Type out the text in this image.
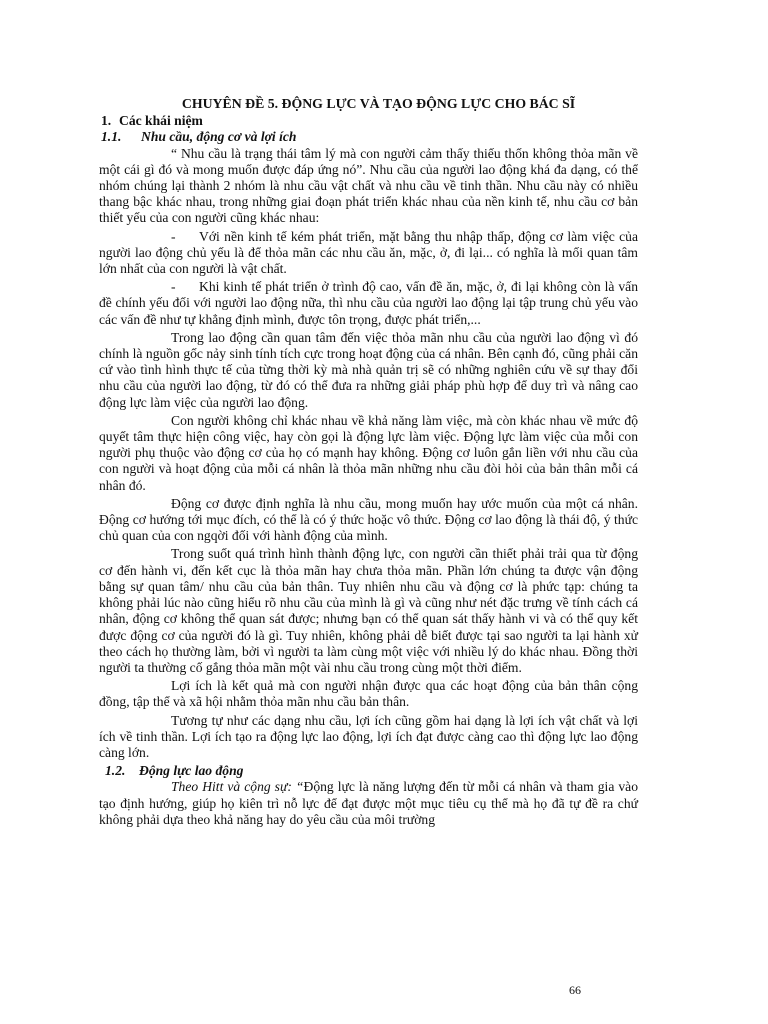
CHUYÊN ĐỀ 5. ĐỘNG LỰC VÀ TẠO ĐỘNG LỰC CHO BÁC SĨ
1. Các khái niệm
1.1. Nhu cầu, động cơ và lợi ích

“ Nhu cầu là trạng thái tâm lý mà con người cảm thấy thiếu thốn không thỏa mãn về một cái gì đó và mong muốn được đáp ứng nó”. Nhu cầu của người lao động khá đa dạng, có thể nhóm chúng lại thành 2 nhóm là nhu cầu vật chất và nhu cầu về tinh thần. Nhu cầu này có nhiều thang bậc khác nhau, trong những giai đoạn phát triển khác nhau của nền kinh tế, nhu cầu cơ bản thiết yếu của con người cũng khác nhau:

- Với nền kinh tế kém phát triển, mặt bằng thu nhập thấp, động cơ làm việc của người lao động chủ yếu là để thỏa mãn các nhu cầu ăn, mặc, ở, đi lại... có nghĩa là mối quan tâm lớn nhất của con người là vật chất.

- Khi kinh tế phát triển ở trình độ cao, vấn đề ăn, mặc, ở, đi lại không còn là vấn đề chính yếu đối với người lao động nữa, thì nhu cầu của người lao động lại tập trung chủ yếu vào các vấn đề như tự khẳng định mình, được tôn trọng, được phát triển,...

Trong lao động cần quan tâm đến việc thỏa mãn nhu cầu của người lao động vì đó chính là nguồn gốc nảy sinh tính tích cực trong hoạt động của cá nhân. Bên cạnh đó, cũng phải căn cứ vào tình hình thực tế của từng thời kỳ mà nhà quản trị sẽ có những nghiên cứu về sự thay đổi nhu cầu của người lao động, từ đó có thể đưa ra những giải pháp phù hợp để duy trì và nâng cao động lực làm việc của người lao động.

Con người không chỉ khác nhau về khả năng làm việc, mà còn khác nhau về mức độ quyết tâm thực hiện công việc, hay còn gọi là động lực làm việc. Động lực làm việc của mỗi con người phụ thuộc vào động cơ của họ có mạnh hay không. Động cơ luôn gắn liền với nhu cầu của con người và hoạt động của mỗi cá nhân là thỏa mãn những nhu cầu đòi hỏi của bản thân mỗi cá nhân đó.

Động cơ được định nghĩa là nhu cầu, mong muốn hay ước muốn của một cá nhân. Động cơ hướng tới mục đích, có thể là có ý thức hoặc vô thức. Động cơ lao động là thái độ, ý thức chủ quan của con ngqời đối với hành động của mình.

Trong suốt quá trình hình thành động lực, con người cần thiết phải trải qua từ động cơ đến hành vi, đến kết cục là thỏa mãn hay chưa thỏa mãn. Phần lớn chúng ta được vận động bằng sự quan tâm/ nhu cầu của bản thân. Tuy nhiên nhu cầu và động cơ là phức tạp: chúng ta không phải lúc nào cũng hiểu rõ nhu cầu của mình là gì và cũng như nét đặc trưng về tính cách cá nhân, động cơ không thể quan sát được; nhưng bạn có thể quan sát thấy hành vi và có thể quy kết được động cơ của người đó là gì. Tuy nhiên, không phải dễ biết được tại sao người ta lại hành xử theo cách họ thường làm, bởi vì người ta làm cùng một việc với nhiều lý do khác nhau. Đồng thời người ta thường cố gắng thỏa mãn một vài nhu cầu trong cùng một thời điểm.

Lợi ích là kết quả mà con người nhận được qua các hoạt động của bản thân cộng đồng, tập thể và xã hội nhằm thỏa mãn nhu cầu bản thân.

Tương tự như các dạng nhu cầu, lợi ích cũng gồm hai dạng là lợi ích vật chất và lợi ích về tinh thần. Lợi ích tạo ra động lực lao động, lợi ích đạt được càng cao thì động lực lao động càng lớn.

1.2. Động lực lao động

Theo Hitt và cộng sự: “Động lực là năng lượng đến từ mỗi cá nhân và tham gia vào tạo định hướng, giúp họ kiên trì nỗ lực để đạt được một mục tiêu cụ thể mà họ đã tự đề ra chứ không phải dựa theo khả năng hay do yêu cầu của môi trường

66
